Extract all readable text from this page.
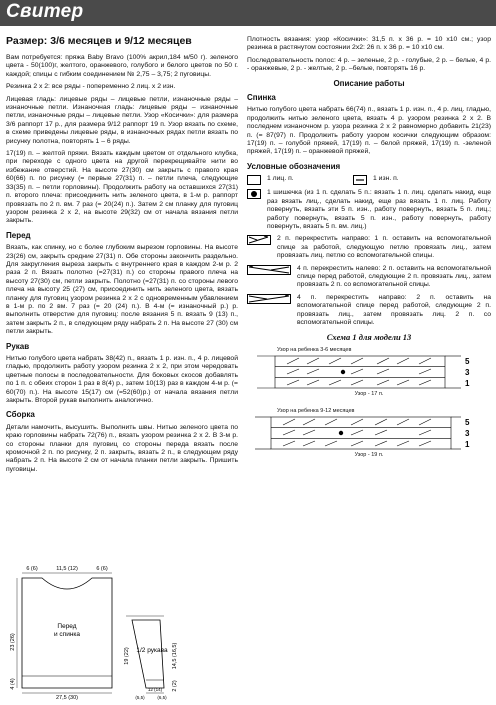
Свитер
Размер: 3/6 месяцев и 9/12 месяцев

Вам потребуется: пряжа Baby Bravo (100% акрил,184 м/50 г). зеленого цвета - 50(100)г, желтого, оранжевого, голубого и белого цветов по 50 г. каждой; спицы с гибким соединением № 2,75 – 3,75; 2 пуговицы.

Резинка 2 x 2: все ряды - попеременно 2 лиц. x 2 изн.

Лицевая гладь: лицевые ряды – лицевые петли, изнаночные ряды – изнаночные петли. Изнаночная гладь: лицевые ряды – изнаночные петли, изнаночные ряды – лицевые петли. Узор «Косички»: для размера 3/6 раппорт 17 р., для размера 9/12 раппорт 19 п. Узор вязать по схеме, в схеме приведены лицевые ряды, в изнаночных рядах петли вязать по рисунку полотна, повторять 1 – 6 ряды.

17(19) п. – желтой пряжи. Вязать каждым цветом от отдельного клубка, при переходе с одного цвета на другой перекрещивайте нити во избежание отверстий. На высоте 27(30) см закрыть с правого края 60(66) п. по рисунку (= первые 27(31) п. – петли плеча, следующие 33(35) п. – петли горловины). Продолжить работу на оставшихся 27(31) п. второго плеча: присоединить нить зеленого цвета, в 1-м р. раппорт провязать по 2 п. вм. 7 раз (= 20(24) п.). Затем 2 см планку для пуговиц узором резинка 2 x 2, на высоте 29(32) см от начала вязания петли закрыть.

Перед

Вязать, как спинку, но с более глубоким вырезом горловины. На высоте 23(26) см, закрыть средние 27(31) п. Обе стороны закончить раздельно. Для закругления выреза закрыть с внутреннего края в каждом 2-м р. 2 раза 2 п. Вязать полотно (=27(31) п.) со стороны правого плеча на высоту 27(30) см, петли закрыть. Полотно (=27(31) п. со стороны левого плеча на высоту 25 (27) см, присоединить нить зеленого цвета, вязать планку для пуговиц узором резинка 2 x 2 с одновременным убавлением в 1-м р. по 2 вм. 7 раз (= 20 (24) п.). В 4-м (= изнаночный р.) р. выполнить отверстие для пуговиц: после вязания 5 п. вязать 9 (13) п., затем закрыть 2 п., в следующем ряду набрать 2 п. На высоте 27 (30) см петли закрыть.

Рукав

Нитью голубого цвета набрать 38(42) п., вязать 1 р. изн. п., 4 р. лицевой гладью, продолжить работу узором резинка 2 x 2, при этом чередовать цветные полосы в последовательности. Для боковых скосов добавлять по 1 п. с обеих сторон 1 раз в 8(4) р., затем 10(13) раз в каждом 4-м р. (= 60(70) п.). На высоте 15(17) см (=52(60)р.) от начала вязания петли закрыть. Второй рукав выполнить аналогично.

Сборка

Детали намочить, высушить. Выполнить швы. Нитью зеленого цвета по краю горловины набрать 72(76) п., вязать узором резинка 2 x 2. В 3-м р. со стороны планки для пуговиц со стороны переда вязать после кромочной 2 п. по рисунку, 2 п. закрыть, вязать 2 п., в следующем ряду набрать 2 п. На высоте 2 см от начала планки петли закрыть. Пришить пуговицы.

Плотность вязания: узор «Косички»: 31,5 п. x 36 р. = 10 x10 см.; узор резинка в растянутом состоянии 2x2: 26 п. x 36 р. = 10 x10 см.

Последовательность полос: 4 р. – зеленые, 2 р. - голубые, 2 р. – белые, 4 р. - оранжевые, 2 р. - желтые, 2 р. –белые, повторять 16 р.

Описание работы
Спинка

Нитью голубого цвета набрать 66(74) п., вязать 1 р. изн. п., 4 р. лиц. гладью, продолжить нитью зеленого цвета, вязать 4 р. узором резинка 2 x 2. В последнем изнаночном р. узора резинка 2 x 2 равномерно добавить 21(23) п. (= 87(97) п. Продолжить работу узором косички следующим образом: 17(19) п. – голубой пряжей, 17(19) п. – белой пряжей, 17(19) п. -зеленой пряжей, 17(19) п. – оранжевой пряжей,

Условные обозначения
1 лиц. п.	1 изн. п.
1 шишечка (из 1 п. сделать 5 п.: вязать 1 п. лиц. сделать накид, еще раз вязать лиц., сделать накид, еще раз вязать 1 п. лиц. Работу повернуть, вязать эти 5 п. изн., работу повернуть, вязать 5 п. лиц.; работу повернуть, вязать 5 п. изн., работу повернуть, работу повернуть, вязать 5 п. вм. лиц.)
2 п. перекрестить направо: 1 п. оставить на вспомогательной спице за работой, следующую петлю провязать лиц., затем провязать лиц. петлю со вспомогательной спицы.
4 п. перекрестить налево: 2 п. оставить на вспомогательной спице перед работой, следующие 2 п. провязать лиц., затем провязать 2 п. со вспомогательной спицы.
4 п. перекрестить направо: 2 п. оставить на вспомогательной спице перед работой, следующие 2 п. провязать лиц., затем провязать лиц. 2 п. со вспомогательной спицы.
Схема 1 для модели 13
Узор на ребенка 3-6 месяцев
5
3
1
Узор - 17 п.
Узор на ребенка 9-12 месяцев
5
3
1
Узор - 19 п.
Перед
и спинка
6 (6)	11,5 (12)	6 (6)
23 (26)
4 (4)
27,5 (30)
1/2 рукава
19 (22)	14,5 (16,5)
2 (2)
12 (14)
(5,5)	(6,5)
